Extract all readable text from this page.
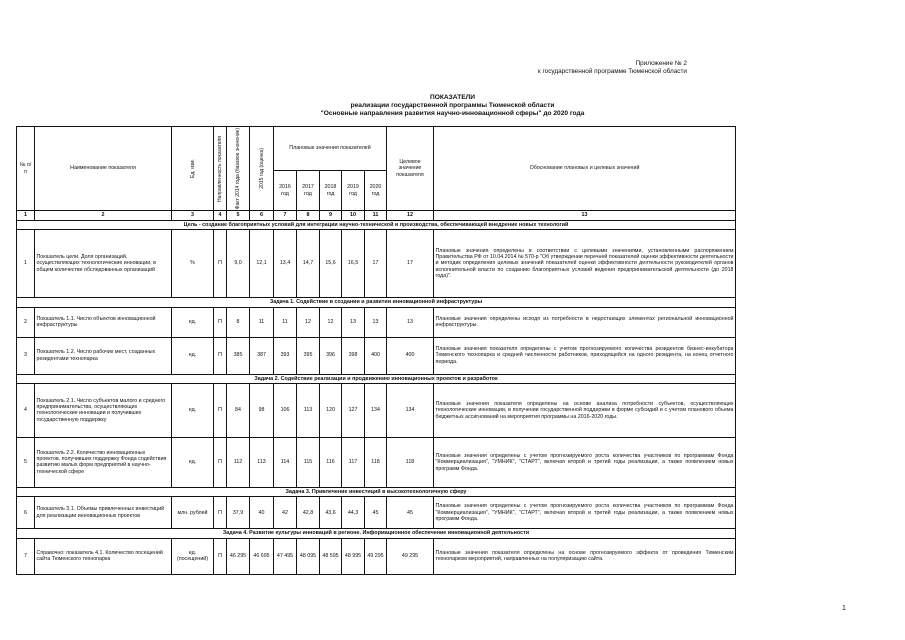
Приложение № 2
к государственной программе Тюменской области
ПОКАЗАТЕЛИ
реализации государственной программы Тюменской области
"Основные направления развития научно-инновационной сферы" до 2020 года
№ п/п	Наименование показателя	Ед. изм.	Направленность показателя	Факт 2014 года (базовое значение)	2015 год (оценка)	Плановые значения показателей					Целевое значение показателя	Обоснование плановых и целевых значений
						2016 год	2017 год	2018 год	2019 год	2020 год		
1	2	3	4	5	6	7	8	9	10	11	12	13
Цель - создание благоприятных условий для интеграции научно-технической и производства, обеспечивающей внедрение новых технологий												
1	Показатель цели. Доля организаций, осуществляющих технологические инновации, в общем количестве обследованных организаций	%	П	9,0	12,1	13,4	14,7	15,6	16,5	17	17	Плановые значения определены в соответствии с целевыми значениями, установленными распоряжением Правительства РФ от 10.04.2014 № 570-р "Об утверждении перечней показателей оценки эффективности деятельности и методик определения целевых значений показателей оценки эффективности деятельности руководителей органов исполнительной власти по созданию благоприятных условий ведения предпринимательской деятельности (до 2018 года)".
Задача 1. Содействие в создании и развитии инновационной инфраструктуры												
2	Показатель 1.1. Число объектов инновационной инфраструктуры	ед.	П	8	11	11	12	12	13	13	13	Плановые значения определены исходя из потребности в недостающих элементах региональной инновационной инфраструктуры.
3	Показатель 1.2. Число рабочих мест, созданных резидентами технопарка	ед.	П	385	387	393	395	396	398	400	400	Плановые значения показателя определены с учетом прогнозируемого количества резидентов бизнес-инкубатора Тюменского технопарка и средней численности работников, приходящейся на одного резидента, на конец отчетного периода.
Задача 2. Содействие реализации и продвижению инновационных проектов и разработок												
4	Показатель 2.1. Число субъектов малого и среднего предпринимательства, осуществляющих технологические инновации и получивших государственную поддержку	ед.	П	84	98	106	113	120	127	134	134	Плановые значения показателя определены на основе анализа потребности субъектов, осуществляющих технологические инновации, в получении государственной поддержки в форме субсидий и с учетом планового объема бюджетных ассигнований на мероприятия программы на 2016-2020 годы.
5	Показатель 2.2. Количество инновационных проектов, получивших поддержку Фонда содействия развитию малых форм предприятий в научно-технической сфере	ед.	П	112	113	114	115	116	117	118	118	Плановые значения определены с учетом прогнозируемого роста количества участников по программам Фонда "Коммерциализация", "УМНИК", "СТАРТ", включая второй и третий годы реализации, а также появлением новых программ Фонда.
Задача 3. Привлечение инвестиций в высокотехнологичную сферу												
6	Показатель 3.1. Объемы привлеченных инвестиций для реализации инновационных проектов	млн. рублей	П	37,9	40	42	42,8	43,6	44,3	45	45	Плановые значения определены с учетом прогнозируемого роста количества участников по программам Фонда "Коммерциализация", "УМНИК", "СТАРТ", включая второй и третий годы реализации, а также появлением новых программ Фонда.
Задача 4. Развитие культуры инноваций в регионе. Информационное обеспечение инновационной деятельности												
7	Справочно: показатель 4.1. Количество посещений сайта Тюменского технопарка	ед. (посещений)	П	46 295	46 695	47 495	48 095	48 595	48 995	49 295	49 295	Плановые значения показателя определены на основе прогнозируемого эффекта от проведения Тюменским технопарком мероприятий, направленных на популяризацию сайта.
1
